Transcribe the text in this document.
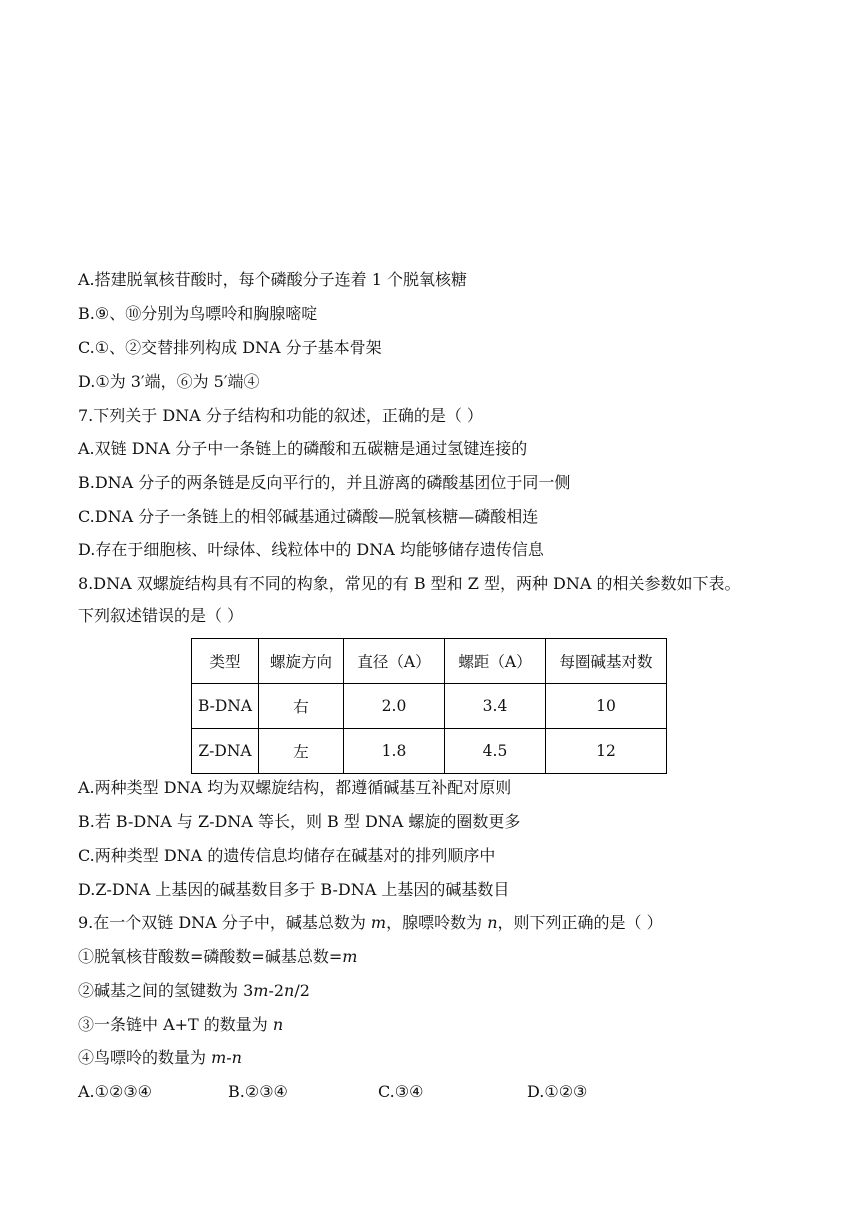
A.搭建脱氧核苷酸时，每个磷酸分子连着 1 个脱氧核糖

B.⑨、⑩分别为鸟嘌呤和胸腺嘧啶

C.①、②交替排列构成 DNA 分子基本骨架

D.①为 3′端，⑥为 5′端④

7.下列关于 DNA 分子结构和功能的叙述，正确的是（ ）

A.双链 DNA 分子中一条链上的磷酸和五碳糖是通过氢键连接的

B.DNA 分子的两条链是反向平行的，并且游离的磷酸基团位于同一侧

C.DNA 分子一条链上的相邻碱基通过磷酸—脱氧核糖—磷酸相连

D.存在于细胞核、叶绿体、线粒体中的 DNA 均能够储存遗传信息

8.DNA 双螺旋结构具有不同的构象，常见的有 B 型和 Z 型，两种 DNA 的相关参数如下表。

下列叙述错误的是（ ）

类型	螺旋方向	直径（A）	螺距（A）	每圈碱基对数
B-DNA	右	2.0	3.4	10
Z-DNA	左	1.8	4.5	12

A.两种类型 DNA 均为双螺旋结构，都遵循碱基互补配对原则

B.若 B-DNA 与 Z-DNA 等长，则 B 型 DNA 螺旋的圈数更多

C.两种类型 DNA 的遗传信息均储存在碱基对的排列顺序中

D.Z-DNA 上基因的碱基数目多于 B-DNA 上基因的碱基数目

9.在一个双链 DNA 分子中，碱基总数为 m，腺嘌呤数为 n，则下列正确的是（ ）

①脱氧核苷酸数=磷酸数=碱基总数=m

②碱基之间的氢键数为 3m-2n/2

③一条链中 A+T 的数量为 n

④鸟嘌呤的数量为 m-n

A.①②③④	B.②③④	C.③④	D.①②③
